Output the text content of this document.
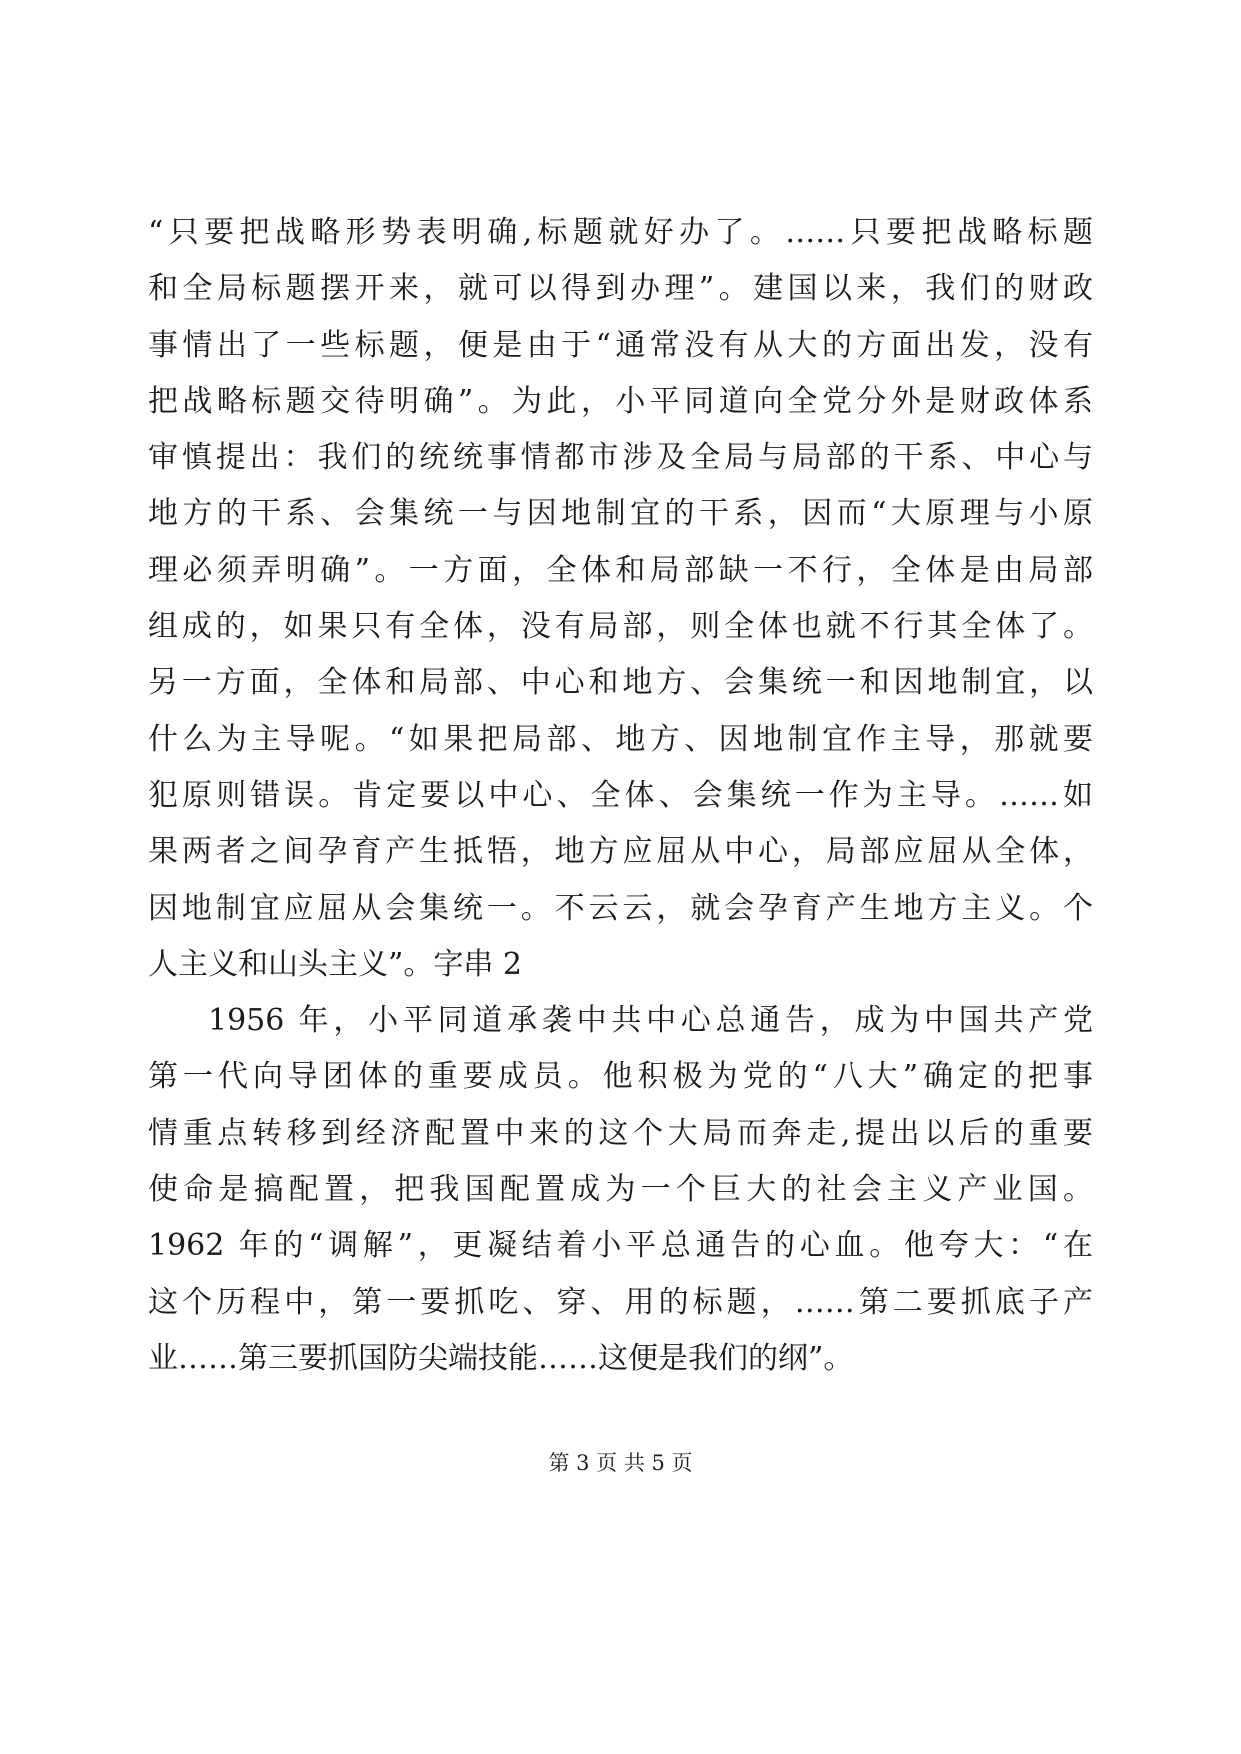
“只要把战略形势表明确,标题就好办了。……只要把战略标题
和全局标题摆开来，就可以得到办理”。建国以来，我们的财政
事情出了一些标题，便是由于“通常没有从大的方面出发，没有
把战略标题交待明确”。为此，小平同道向全党分外是财政体系
审慎提出：我们的统统事情都市涉及全局与局部的干系、中心与
地方的干系、会集统一与因地制宜的干系，因而“大原理与小原
理必须弄明确”。一方面，全体和局部缺一不行，全体是由局部
组成的，如果只有全体，没有局部，则全体也就不行其全体了。
另一方面，全体和局部、中心和地方、会集统一和因地制宜，以
什么为主导呢。“如果把局部、地方、因地制宜作主导，那就要
犯原则错误。肯定要以中心、全体、会集统一作为主导。……如
果两者之间孕育产生抵牾，地方应屈从中心，局部应屈从全体，
因地制宜应屈从会集统一。不云云，就会孕育产生地方主义。个
人主义和山头主义”。字串 2
1956 年，小平同道承袭中共中心总通告，成为中国共产党
第一代向导团体的重要成员。他积极为党的“八大”确定的把事
情重点转移到经济配置中来的这个大局而奔走,提出以后的重要
使命是搞配置，把我国配置成为一个巨大的社会主义产业国。
1962 年的“调解”，更凝结着小平总通告的心血。他夸大：“在
这个历程中，第一要抓吃、穿、用的标题，……第二要抓底子产
业……第三要抓国防尖端技能……这便是我们的纲”。
第 3 页 共 5 页
